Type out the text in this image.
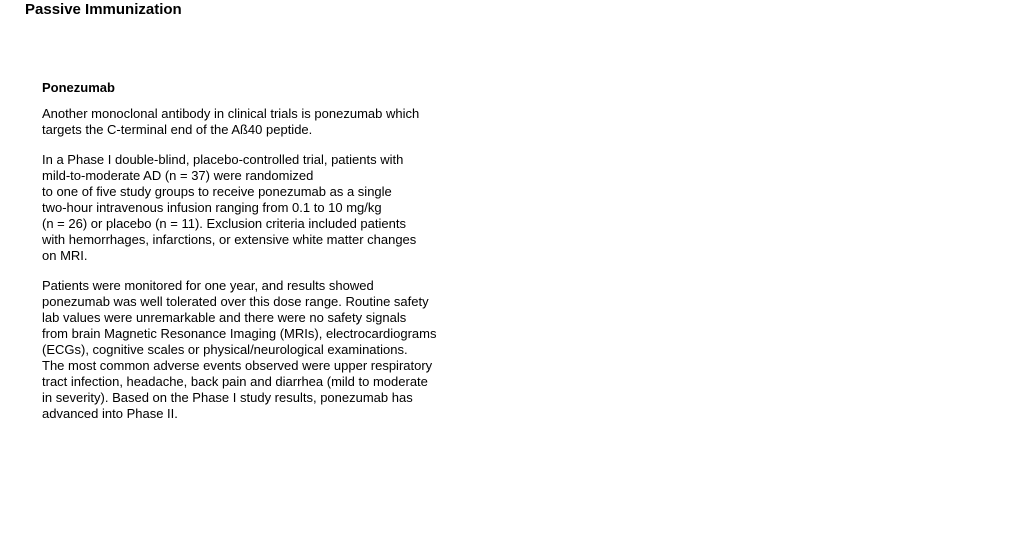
Passive Immunization
Ponezumab

Another monoclonal antibody in clinical trials is ponezumab which
targets the C-terminal end of the Aß40 peptide.

In a Phase I double-blind, placebo-controlled trial, patients with
mild-to-moderate AD (n = 37) were randomized
to one of five study groups to receive ponezumab as a single
two-hour intravenous infusion ranging from 0.1 to 10 mg/kg
(n = 26) or placebo (n = 11). Exclusion criteria included patients
with hemorrhages, infarctions, or extensive white matter changes
on MRI.

Patients were monitored for one year, and results showed
ponezumab was well tolerated over this dose range. Routine safety
lab values were unremarkable and there were no safety signals
from brain Magnetic Resonance Imaging (MRIs), electrocardiograms
(ECGs), cognitive scales or physical/neurological examinations.
The most common adverse events observed were upper respiratory
tract infection, headache, back pain and diarrhea (mild to moderate
in severity). Based on the Phase I study results, ponezumab has
advanced into Phase II.
